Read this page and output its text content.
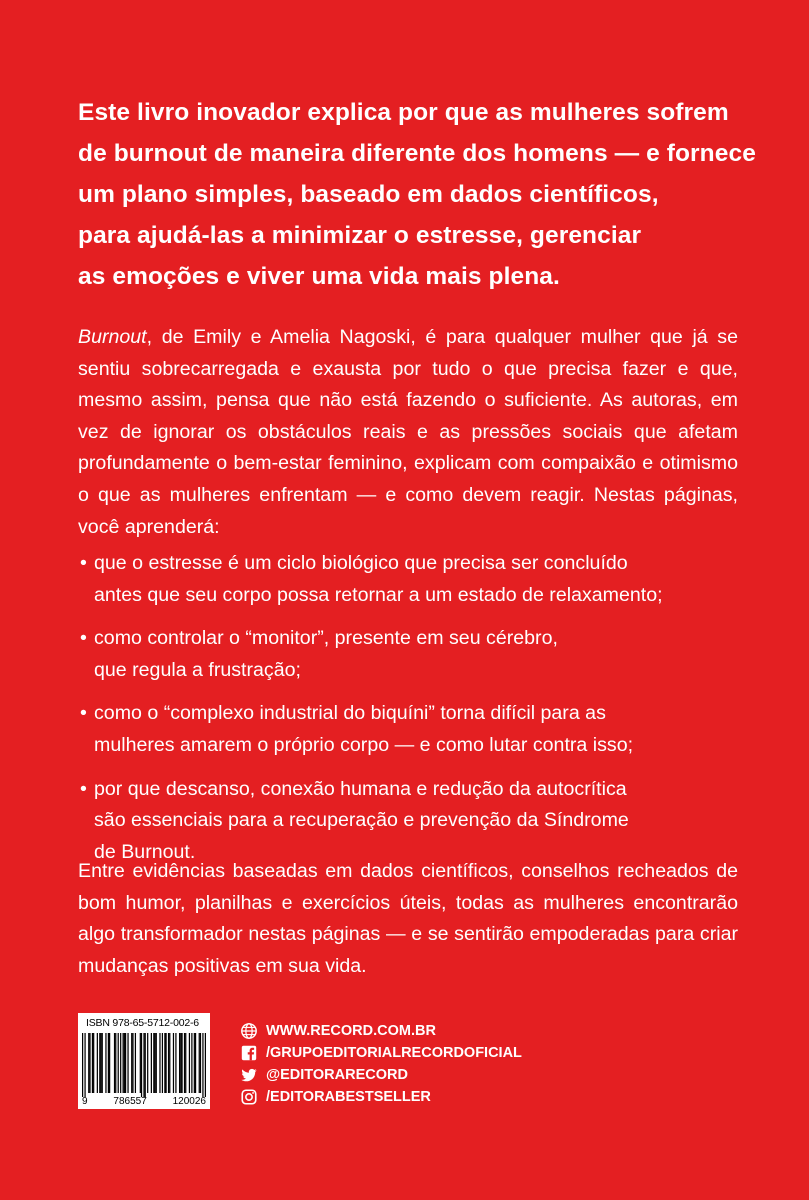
Este livro inovador explica por que as mulheres sofrem
de burnout de maneira diferente dos homens — e fornece
um plano simples, baseado em dados científicos,
para ajudá-las a minimizar o estresse, gerenciar
as emoções e viver uma vida mais plena.
Burnout, de Emily e Amelia Nagoski, é para qualquer mulher que já se sentiu sobrecarregada e exausta por tudo o que precisa fazer e que, mesmo assim, pensa que não está fazendo o suficiente. As autoras, em vez de ignorar os obstáculos reais e as pressões sociais que afetam profundamente o bem-estar feminino, explicam com compaixão e otimismo o que as mulheres enfrentam — e como devem reagir. Nestas páginas, você aprenderá:
• que o estresse é um ciclo biológico que precisa ser concluído
antes que seu corpo possa retornar a um estado de relaxamento;
• como controlar o “monitor”, presente em seu cérebro,
que regula a frustração;
• como o “complexo industrial do biquíni” torna difícil para as
mulheres amarem o próprio corpo — e como lutar contra isso;
• por que descanso, conexão humana e redução da autocrítica
são essenciais para a recuperação e prevenção da Síndrome
de Burnout.
Entre evidências baseadas em dados científicos, conselhos recheados de bom humor, planilhas e exercícios úteis, todas as mulheres encontrarão algo transformador nestas páginas — e se sentirão empoderadas para criar mudanças positivas em sua vida.
ISBN 978-65-5712-002-6
9	786557	120026
WWW.RECORD.COM.BR
/GRUPOEDITORIALRECORDOFICIAL
@EDITORARECORD
/EDITORABESTSELLER
